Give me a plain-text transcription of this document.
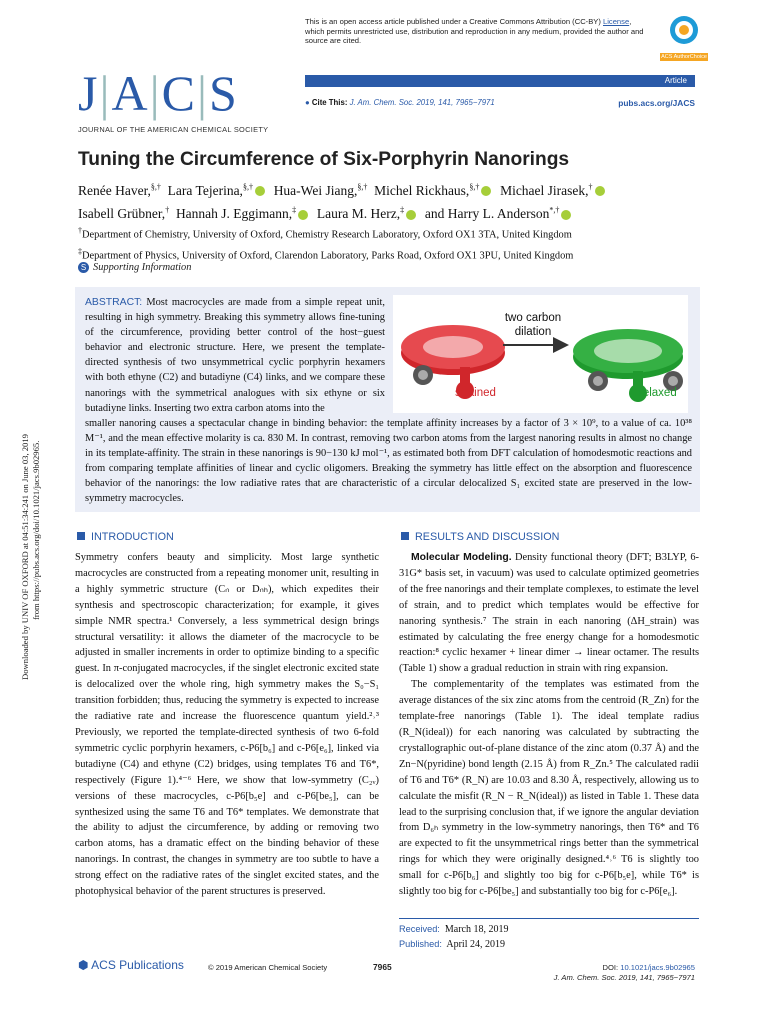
Downloaded by UNIV OF OXFORD at 04:51:34:241 on June 03, 2019 from https://pubs.acs.org/doi/10.1021/jacs.9b02965.
This is an open access article published under a Creative Commons Attribution (CC-BY) License, which permits unrestricted use, distribution and reproduction in any medium, provided the author and source are cited.
ACS AuthorChoice
J|A|C|S
JOURNAL OF THE AMERICAN CHEMICAL SOCIETY
Article
● Cite This: J. Am. Chem. Soc. 2019, 141, 7965−7971	pubs.acs.org/JACS
Tuning the Circumference of Six-Porphyrin Nanorings
Renée Haver,§,† Lara Tejerina,§,† Hua-Wei Jiang,§,† Michel Rickhaus,§,† Michael Jirasek,†
Isabell Grübner,† Hannah J. Eggimann,‡ Laura M. Herz,‡ and Harry L. Anderson*,†
†Department of Chemistry, University of Oxford, Chemistry Research Laboratory, Oxford OX1 3TA, United Kingdom
‡Department of Physics, University of Oxford, Clarendon Laboratory, Parks Road, Oxford OX1 3PU, United Kingdom
S Supporting Information
ABSTRACT: Most macrocycles are made from a simple repeat unit, resulting in high symmetry. Breaking this symmetry allows fine-tuning of the circumference, providing better control of the host−guest behavior and electronic structure. Here, we present the template-directed synthesis of two unsymmetrical cyclic porphyrin hexamers with both ethyne (C2) and butadiyne (C4) links, and we compare these nanorings with the symmetrical analogues with six ethyne or six butadiyne links. Inserting two extra carbon atoms into the
smaller nanoring causes a spectacular change in binding behavior: the template affinity increases by a factor of 3 × 10⁹, to a value of ca. 10³⁸ M⁻¹, and the mean effective molarity is ca. 830 M. In contrast, removing two carbon atoms from the largest nanoring results in almost no change in its template-affinity. The strain in these nanorings is 90−130 kJ mol⁻¹, as estimated both from DFT calculation of homodesmotic reactions and from comparing template affinities of linear and cyclic oligomers. Breaking the symmetry has little effect on the absorption and fluorescence behavior of the nanorings: the low radiative rates that are characteristic of a circular delocalized S₁ excited state are preserved in the low-symmetry macrocycles.
two carbon
dilation
strained	relaxed
INTRODUCTION	RESULTS AND DISCUSSION
Symmetry confers beauty and simplicity. Most large synthetic macrocycles are constructed from a repeating monomer unit, resulting in a highly symmetric structure (Cₙ or Dₙₕ), which expedites their synthesis and spectroscopic characterization; for example, it gives simple NMR spectra.¹ Conversely, a less symmetrical design brings structural versatility: it allows the diameter of the macrocycle to be adjusted in smaller increments in order to optimize binding to a specific guest. In π-conjugated macrocycles, if the singlet electronic excited state is delocalized over the whole ring, high symmetry makes the S₀−S₁ transition forbidden; thus, reducing the symmetry is expected to increase the radiative rate and increase the fluorescence quantum yield.²˒³ Previously, we reported the template-directed synthesis of two 6-fold symmetric cyclic porphyrin hexamers, c-P6[b₆] and c-P6[e₆], linked via butadiyne (C4) and ethyne (C2) bridges, using templates T6 and T6*, respectively (Figure 1).⁴⁻⁶ Here, we show that low-symmetry (C₂ᵥ) versions of these macrocycles, c-P6[b₅e] and c-P6[be₅], can be synthesized using the same T6 and T6* templates. We demonstrate that the ability to adjust the circumference, by adding or removing two carbon atoms, has a dramatic effect on the binding behavior of these nanorings. In contrast, the changes in symmetry are too subtle to have a strong effect on the radiative rates of the singlet excited states, and the photophysical behavior of the parent structures is preserved.
Molecular Modeling. Density functional theory (DFT; B3LYP, 6-31G* basis set, in vacuum) was used to calculate optimized geometries of the free nanorings and their template complexes, to estimate the level of strain, and to predict which templates would be effective for nanoring synthesis.⁷ The strain in each nanoring (ΔH_strain) was estimated by calculating the free energy change for a homodesmotic reaction:⁸ cyclic hexamer + linear dimer → linear octamer. The results (Table 1) show a gradual reduction in strain with ring expansion.
The complementarity of the templates was estimated from the average distances of the six zinc atoms from the centroid (R_Zn) for the template-free nanorings (Table 1). The ideal template radius (R_N(ideal)) for each nanoring was calculated by subtracting the crystallographic out-of-plane distance of the zinc atom (0.37 Å) and the Zn−N(pyridine) bond length (2.15 Å) from R_Zn.⁵ The calculated radii of T6 and T6* (R_N) are 10.03 and 8.30 Å, respectively, allowing us to calculate the misfit (R_N − R_N(ideal)) as listed in Table 1. These data lead to the surprising conclusion that, if we ignore the angular deviation from D₆ₕ symmetry in the low-symmetry nanorings, then T6* and T6 are expected to fit the unsymmetrical rings better than the symmetrical rings for which they were originally designed.⁴˒⁶ T6 is slightly too small for c-P6[b₆] and slightly too big for c-P6[b₅e], while T6* is slightly too big for c-P6[be₅] and substantially too big for c-P6[e₆].
Received: March 18, 2019
Published: April 24, 2019
⬢ ACS Publications	© 2019 American Chemical Society	7965	DOI: 10.1021/jacs.9b02965
J. Am. Chem. Soc. 2019, 141, 7965−7971
